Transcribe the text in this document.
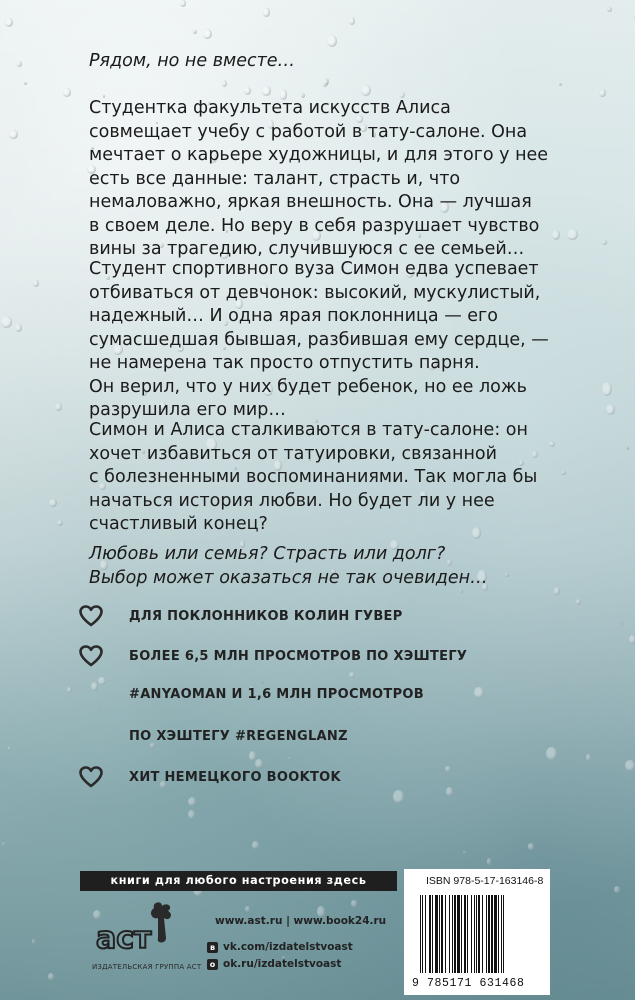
Рядом, но не вместе…

Студентка факультета искусств Алиса

совмещает учебу с работой в тату-салоне. Она

мечтает о карьере художницы, и для этого у нее

есть все данные: талант, страсть и, что

немаловажно, яркая внешность. Она — лучшая

в своем деле. Но веру в себя разрушает чувство

вины за трагедию, случившуюся с ее семьей…

Студент спортивного вуза Симон едва успевает

отбиваться от девчонок: высокий, мускулистый,

надежный… И одна ярая поклонница — его

сумасшедшая бывшая, разбившая ему сердце, —

не намерена так просто отпустить парня.

Он верил, что у них будет ребенок, но ее ложь

разрушила его мир…

Симон и Алиса сталкиваются в тату-салоне: он

хочет избавиться от татуировки, связанной

с болезненными воспоминаниями. Так могла бы

начаться история любви. Но будет ли у нее

счастливый конец?

Любовь или семья? Страсть или долг?

Выбор может оказаться не так очевиден…

ДЛЯ ПОКЛОННИКОВ КОЛИН ГУВЕР
БОЛЕЕ 6,5 МЛН ПРОСМОТРОВ ПО ХЭШТЕГУ
#ANYAOMAN И 1,6 МЛН ПРОСМОТРОВ
ПО ХЭШТЕГУ #REGENGLANZ
ХИТ НЕМЕЦКОГО BOOKTOK
книги для любого настроения здесь
аст
ИЗДАТЕЛЬСКАЯ ГРУППА АСТ
www.ast.ru | www.book24.ru
в vk.com/izdatelstvoast
о ok.ru/izdatelstvoast
ISBN 978-5-17-163146-8
9 785171 631468
